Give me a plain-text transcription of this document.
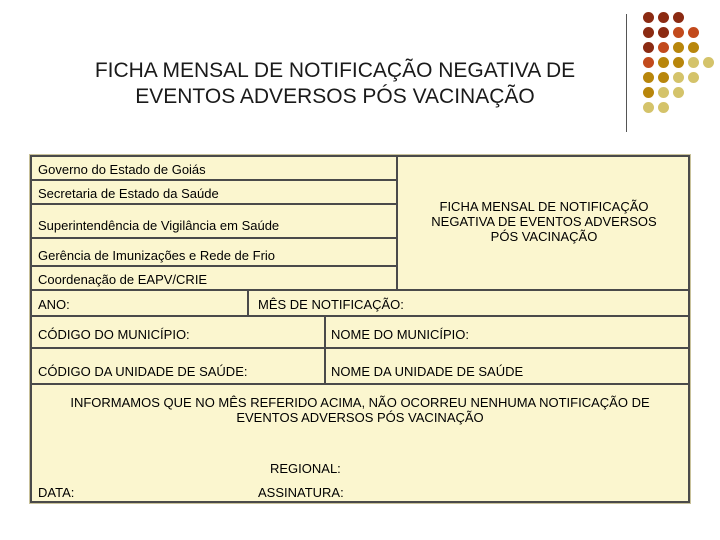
FICHA MENSAL DE NOTIFICAÇÃO NEGATIVA DE
EVENTOS ADVERSOS PÓS VACINAÇÃO
Governo do Estado de Goiás
Secretaria de Estado da Saúde
Superintendência de Vigilância em Saúde
Gerência de Imunizações e Rede de Frio
Coordenação de EAPV/CRIE
FICHA MENSAL DE NOTIFICAÇÃO
NEGATIVA DE EVENTOS ADVERSOS
PÓS VACINAÇÃO
ANO:	MÊS DE NOTIFICAÇÃO:
CÓDIGO DO MUNICÍPIO:	NOME DO MUNICÍPIO:
CÓDIGO DA UNIDADE DE SAÚDE:	NOME DA UNIDADE DE SAÚDE
INFORMAMOS QUE NO MÊS REFERIDO ACIMA, NÃO OCORREU NENHUMA NOTIFICAÇÃO DE
EVENTOS ADVERSOS PÓS VACINAÇÃO
REGIONAL:
DATA:	ASSINATURA:
